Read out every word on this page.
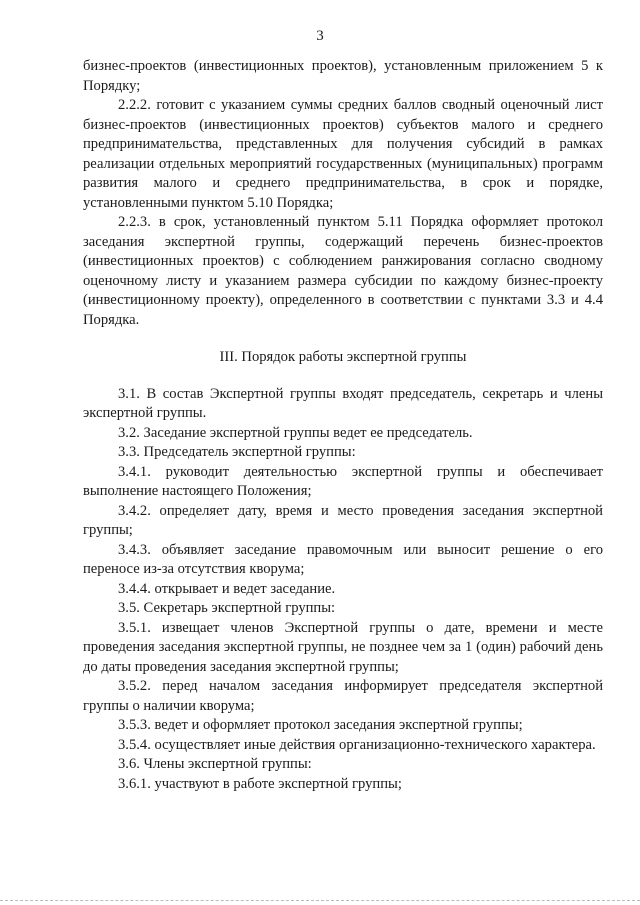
3

бизнес-проектов (инвестиционных проектов), установленным приложением 5 к Порядку;

2.2.2. готовит с указанием суммы средних баллов сводный оценочный лист бизнес-проектов (инвестиционных проектов) субъектов малого и среднего предпринимательства, представленных для получения субсидий в рамках реализации отдельных мероприятий государственных (муниципальных) программ развития малого и среднего предпринимательства, в срок и порядке, установленными пунктом 5.10 Порядка;

2.2.3. в срок, установленный пунктом 5.11 Порядка оформляет протокол заседания экспертной группы, содержащий перечень бизнес-проектов (инвестиционных проектов) с соблюдением ранжирования согласно сводному оценочному листу и указанием размера субсидии по каждому бизнес-проекту (инвестиционному проекту), определенного в соответствии с пунктами 3.3 и 4.4 Порядка.

III. Порядок работы экспертной группы

3.1. В состав Экспертной группы входят председатель, секретарь и члены экспертной группы.

3.2. Заседание экспертной группы ведет ее председатель.

3.3. Председатель экспертной группы:

3.4.1. руководит деятельностью экспертной группы и обеспечивает выполнение настоящего Положения;

3.4.2. определяет дату, время и место проведения заседания экспертной группы;

3.4.3. объявляет заседание правомочным или выносит решение о его переносе из-за отсутствия кворума;

3.4.4. открывает и ведет заседание.

3.5. Секретарь экспертной группы:

3.5.1. извещает членов Экспертной группы о дате, времени и месте проведения заседания экспертной группы, не позднее чем за 1 (один) рабочий день до даты проведения заседания экспертной группы;

3.5.2. перед началом заседания информирует председателя экспертной группы о наличии кворума;

3.5.3. ведет и оформляет протокол заседания экспертной группы;

3.5.4. осуществляет иные действия организационно-технического характера.

3.6. Члены экспертной группы:

3.6.1. участвуют в работе экспертной группы;
